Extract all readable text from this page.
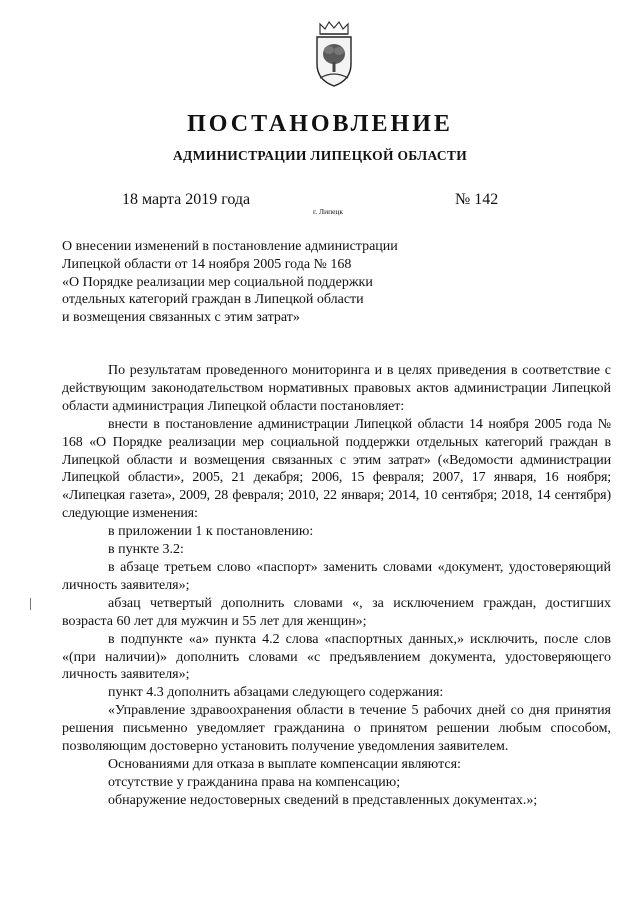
ПОСТАНОВЛЕНИЕ
АДМИНИСТРАЦИИ ЛИПЕЦКОЙ ОБЛАСТИ
18 марта 2019 года
г. Липецк
№ 142
О внесении изменений в постановление администрации
Липецкой области от 14 ноября 2005 года № 168
«О Порядке реализации мер социальной поддержки
отдельных категорий граждан в Липецкой области
и возмещения связанных с этим затрат»

По результатам проведенного мониторинга и в целях приведения в соответствие с действующим законодательством нормативных правовых актов администрации Липецкой области администрация Липецкой области постановляет:

внести в постановление администрации Липецкой области 14 ноября 2005 года № 168 «О Порядке реализации мер социальной поддержки отдельных категорий граждан в Липецкой области и возмещения связанных с этим затрат» («Ведомости администрации Липецкой области», 2005, 21 декабря; 2006, 15 февраля; 2007, 17 января, 16 ноября; «Липецкая газета», 2009, 28 февраля; 2010, 22 января; 2014, 10 сентября; 2018, 14 сентября) следующие изменения:

в приложении 1 к постановлению:

в пункте 3.2:

в абзаце третьем слово «паспорт» заменить словами «документ, удостоверяющий личность заявителя»;

абзац четвертый дополнить словами «, за исключением граждан, достигших возраста 60 лет для мужчин и 55 лет для женщин»;

в подпункте «а» пункта 4.2 слова «паспортных данных,» исключить, после слов «(при наличии)» дополнить словами «с предъявлением документа, удостоверяющего личность заявителя»;

пункт 4.3 дополнить абзацами следующего содержания:

«Управление здравоохранения области в течение 5 рабочих дней со дня принятия решения письменно уведомляет гражданина о принятом решении любым способом, позволяющим достоверно установить получение уведомления заявителем.

Основаниями для отказа в выплате компенсации являются:

отсутствие у гражданина права на компенсацию;

обнаружение недостоверных сведений в представленных документах.»;
